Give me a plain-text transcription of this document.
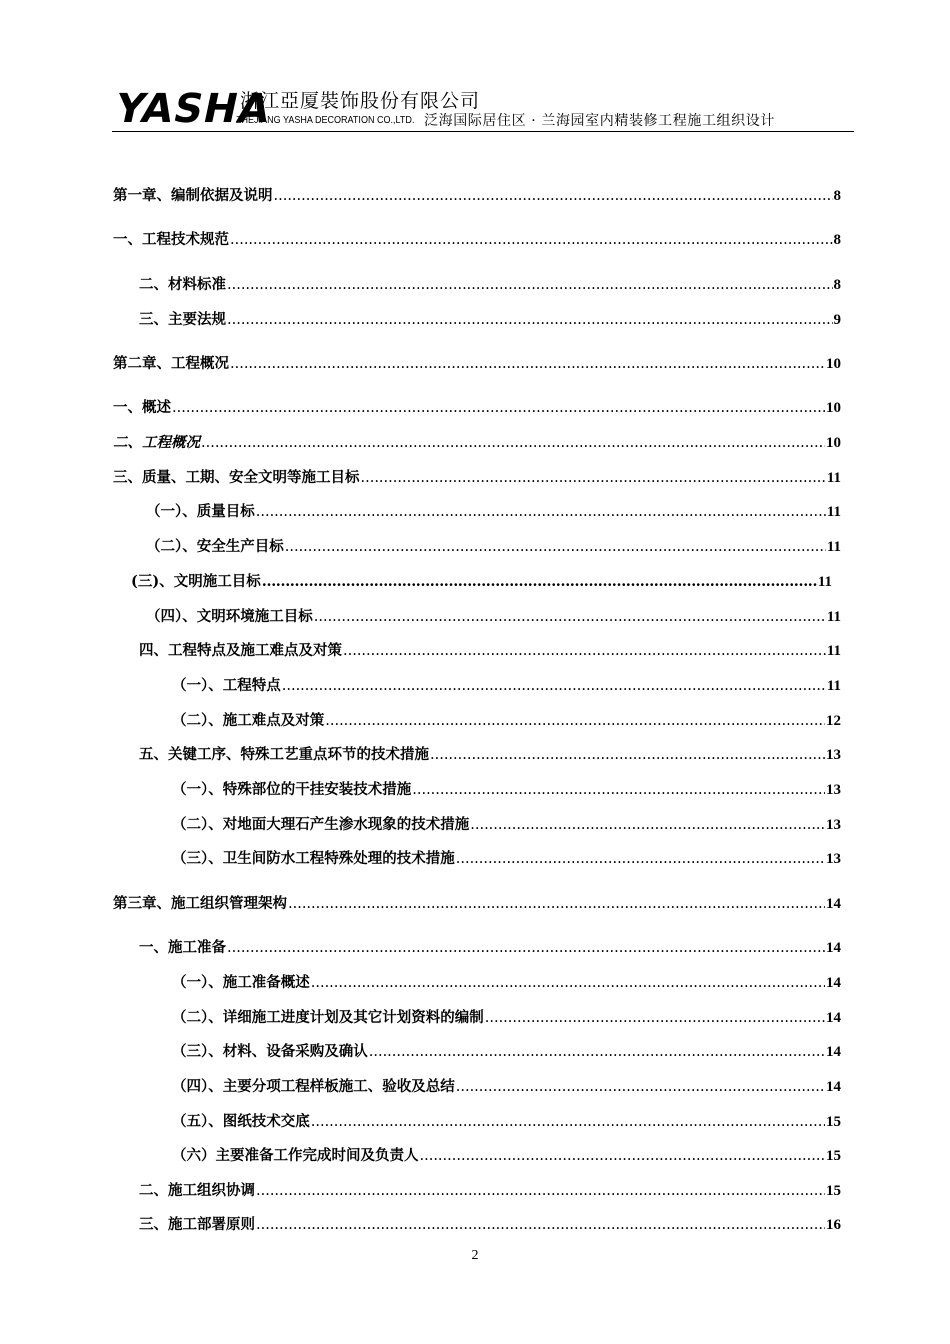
YASHA
浙江亞厦裝饰股份有限公司
ZHEJIANG YASHA DECORATION CO.,LTD. 泛海国际居住区 · 兰海园室内精装修工程施工组织设计
第一章、编制依据及说明 .....	8
一、工程技术规范 .....	8
二、材料标准 .....	8
三、主要法规 .....	9
第二章、工程概况 .....	10
一、概述 .....	10
二、工程概况 .....	10
三、质量、工期、安全文明等施工目标 .....	11
（一）、质量目标 .....	11
（二）、安全生产目标 .....	11
(三)、文明施工目标 ………………………………………………………………………………………………………………………………………………	11
（四）、文明环境施工目标 .....	11
四、工程特点及施工难点及对策 .....	11
（一）、工程特点 .....	11
（二）、施工难点及对策 .....	12
五、关键工序、特殊工艺重点环节的技术措施 .....	13
（一）、特殊部位的干挂安装技术措施 .....	13
（二）、对地面大理石产生渗水现象的技术措施 .....	13
（三）、卫生间防水工程特殊处理的技术措施 .....	13
第三章、施工组织管理架构 .....	14
一、施工准备 .....	14
（一）、施工准备概述 .....	14
（二）、详细施工进度计划及其它计划资料的编制 .....	14
（三）、材料、设备采购及确认 .....	14
（四）、主要分项工程样板施工、验收及总结 .....	14
（五）、图纸技术交底 .....	15
（六）主要准备工作完成时间及负责人 .....	15
二、施工组织协调 .....	15
三、施工部署原则 .....	16
2
